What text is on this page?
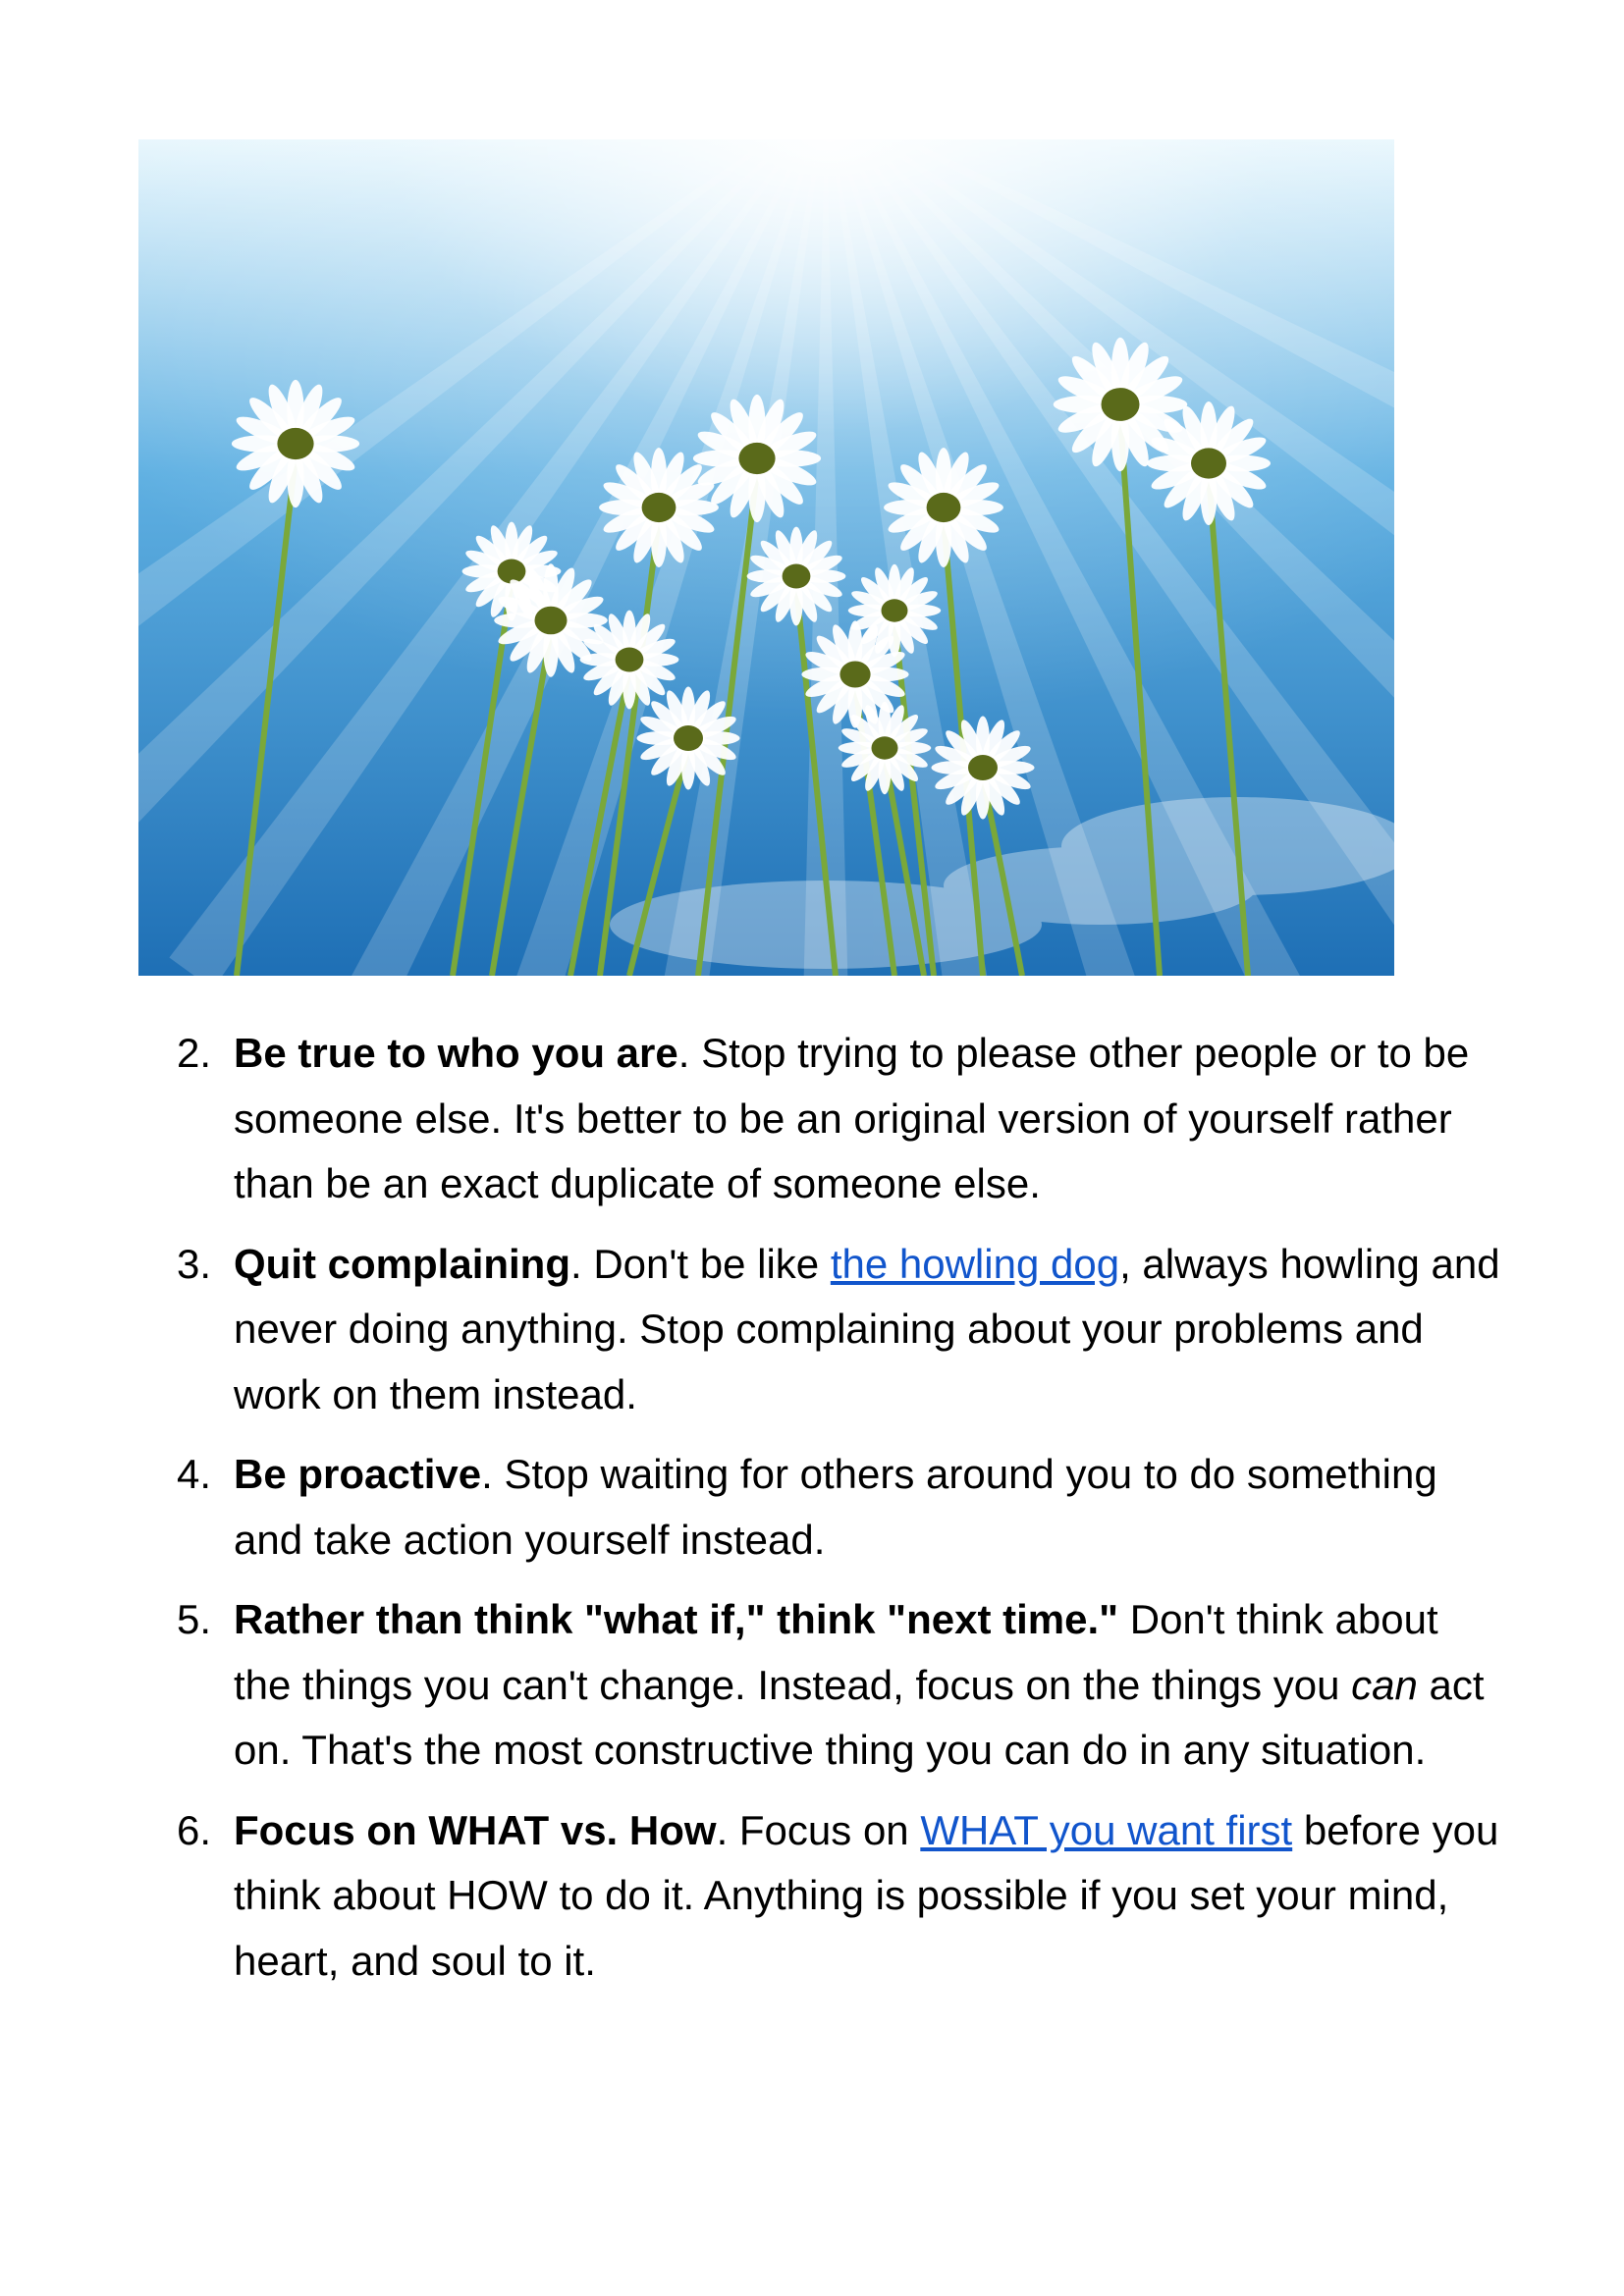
2. Be true to who you are. Stop trying to please other people or to be someone else. It's better to be an original version of yourself rather than be an exact duplicate of someone else.
3. Quit complaining. Don't be like the howling dog, always howling and never doing anything. Stop complaining about your problems and work on them instead.
4. Be proactive. Stop waiting for others around you to do something and take action yourself instead.
5. Rather than think "what if," think "next time." Don't think about the things you can't change. Instead, focus on the things you can act on. That's the most constructive thing you can do in any situation.
6. Focus on WHAT vs. How. Focus on WHAT you want first before you think about HOW to do it. Anything is possible if you set your mind, heart, and soul to it.
